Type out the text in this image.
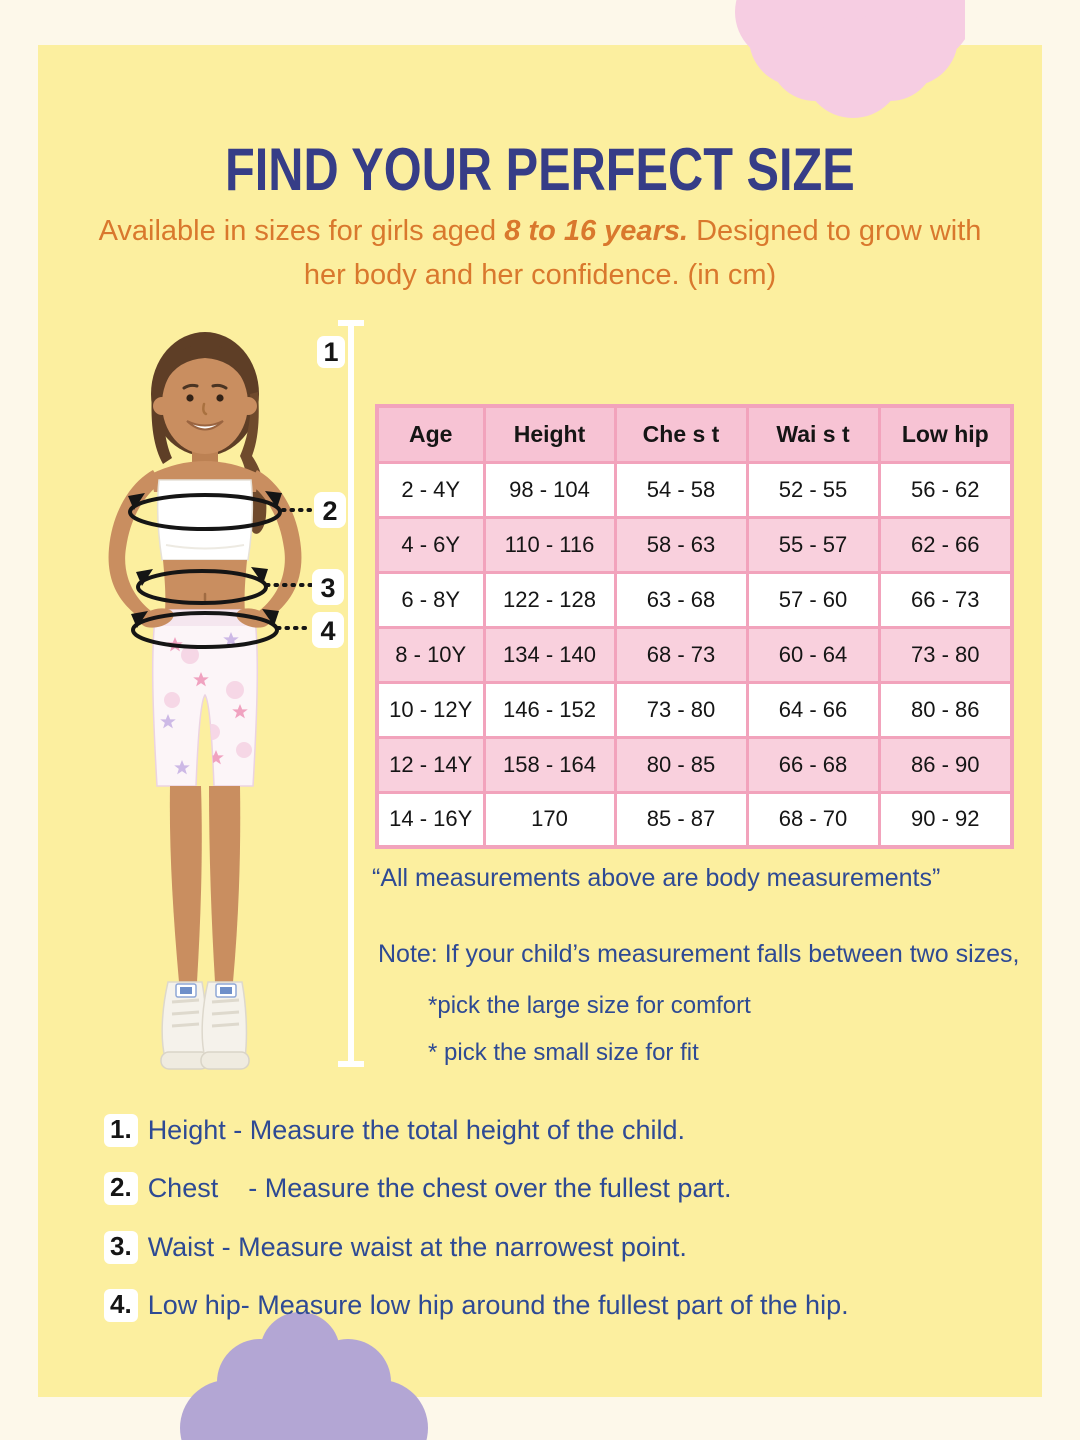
FIND YOUR PERFECT SIZE
Available in sizes for girls aged 8 to 16 years. Designed to grow with her body and her confidence. (in cm)
1
2
3
4
Age	Height	Che s t	Wai s t	Low hip
2 - 4Y	98 - 104	54 - 58	52 - 55	56 - 62
4 - 6Y	110 - 116	58 - 63	55 - 57	62 - 66
6 - 8Y	122 - 128	63 - 68	57 - 60	66 - 73
8 - 10Y	134 - 140	68 - 73	60 - 64	73 - 80
10 - 12Y	146 - 152	73 - 80	64 - 66	80 - 86
12 - 14Y	158 - 164	80 - 85	66 - 68	86 - 90
14 - 16Y	170	85 - 87	68 - 70	90 - 92
“All measurements above are body measurements”
Note: If your child’s measurement falls between two sizes,
*pick the large size for comfort
* pick the small size for fit
1. Height - Measure the total height of the child.
2. Chest    - Measure the chest over the fullest part.
3. Waist - Measure waist at the narrowest point.
4. Low hip- Measure low hip around the fullest part of the hip.
